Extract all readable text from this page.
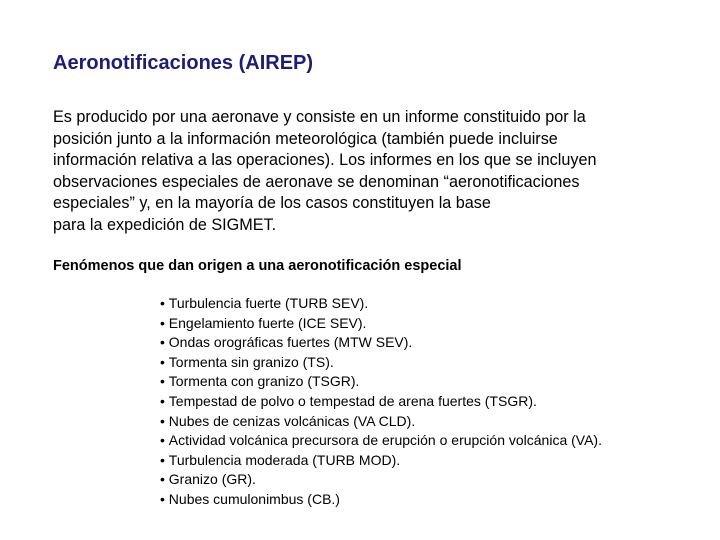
Aeronotificaciones (AIREP)
Es producido por una aeronave y consiste en un informe constituido por la
posición junto a la información meteorológica (también puede incluirse
información relativa a las operaciones). Los informes en los que se incluyen
observaciones especiales de aeronave se denominan “aeronotificaciones
especiales” y, en la mayoría de los casos constituyen la base
para la expedición de SIGMET.
Fenómenos que dan origen a una aeronotificación especial
• Turbulencia fuerte (TURB SEV).
• Engelamiento fuerte (ICE SEV).
• Ondas orográficas fuertes (MTW SEV).
• Tormenta sin granizo (TS).
• Tormenta con granizo (TSGR).
• Tempestad de polvo o tempestad de arena fuertes (TSGR).
• Nubes de cenizas volcánicas (VA CLD).
• Actividad volcánica precursora de erupción o erupción volcánica (VA).
• Turbulencia moderada (TURB MOD).
• Granizo (GR).
• Nubes cumulonimbus (CB.)
